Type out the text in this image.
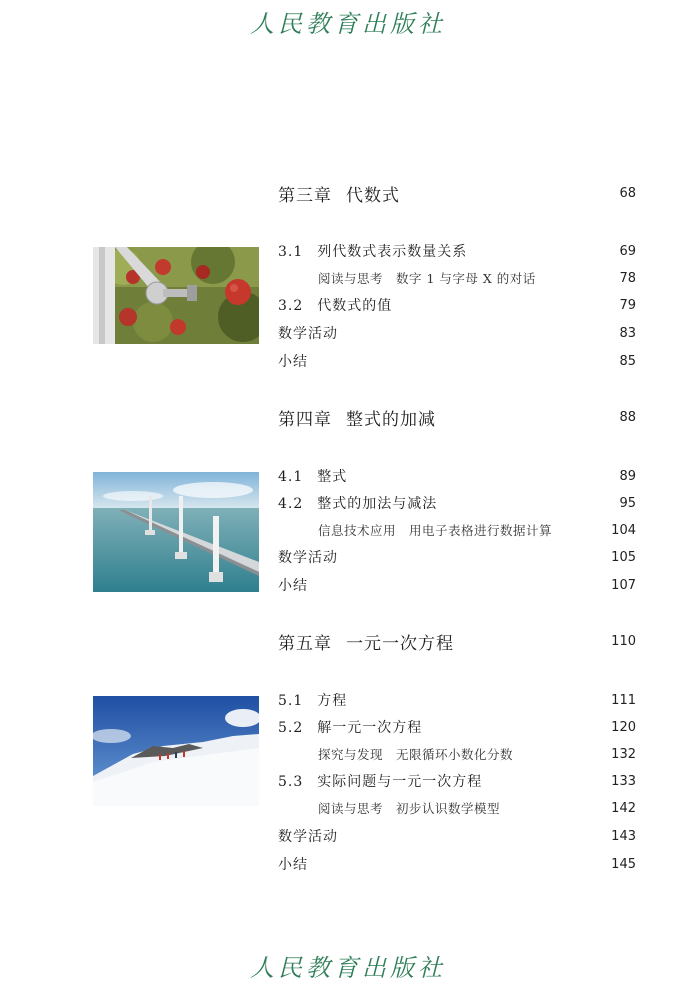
人民教育出版社
第三章 代数式	68
3.1 列代数式表示数量关系	69
阅读与思考　数字 1 与字母 X 的对话	78
3.2 代数式的值	79
数学活动	83
小结	85
第四章 整式的加减	88
4.1 整式	89
4.2 整式的加法与减法	95
信息技术应用　用电子表格进行数据计算	104
数学活动	105
小结	107
第五章 一元一次方程	110
5.1 方程	111
5.2 解一元一次方程	120
探究与发现　无限循环小数化分数	132
5.3 实际问题与一元一次方程	133
阅读与思考　初步认识数学模型	142
数学活动	143
小结	145
人民教育出版社
